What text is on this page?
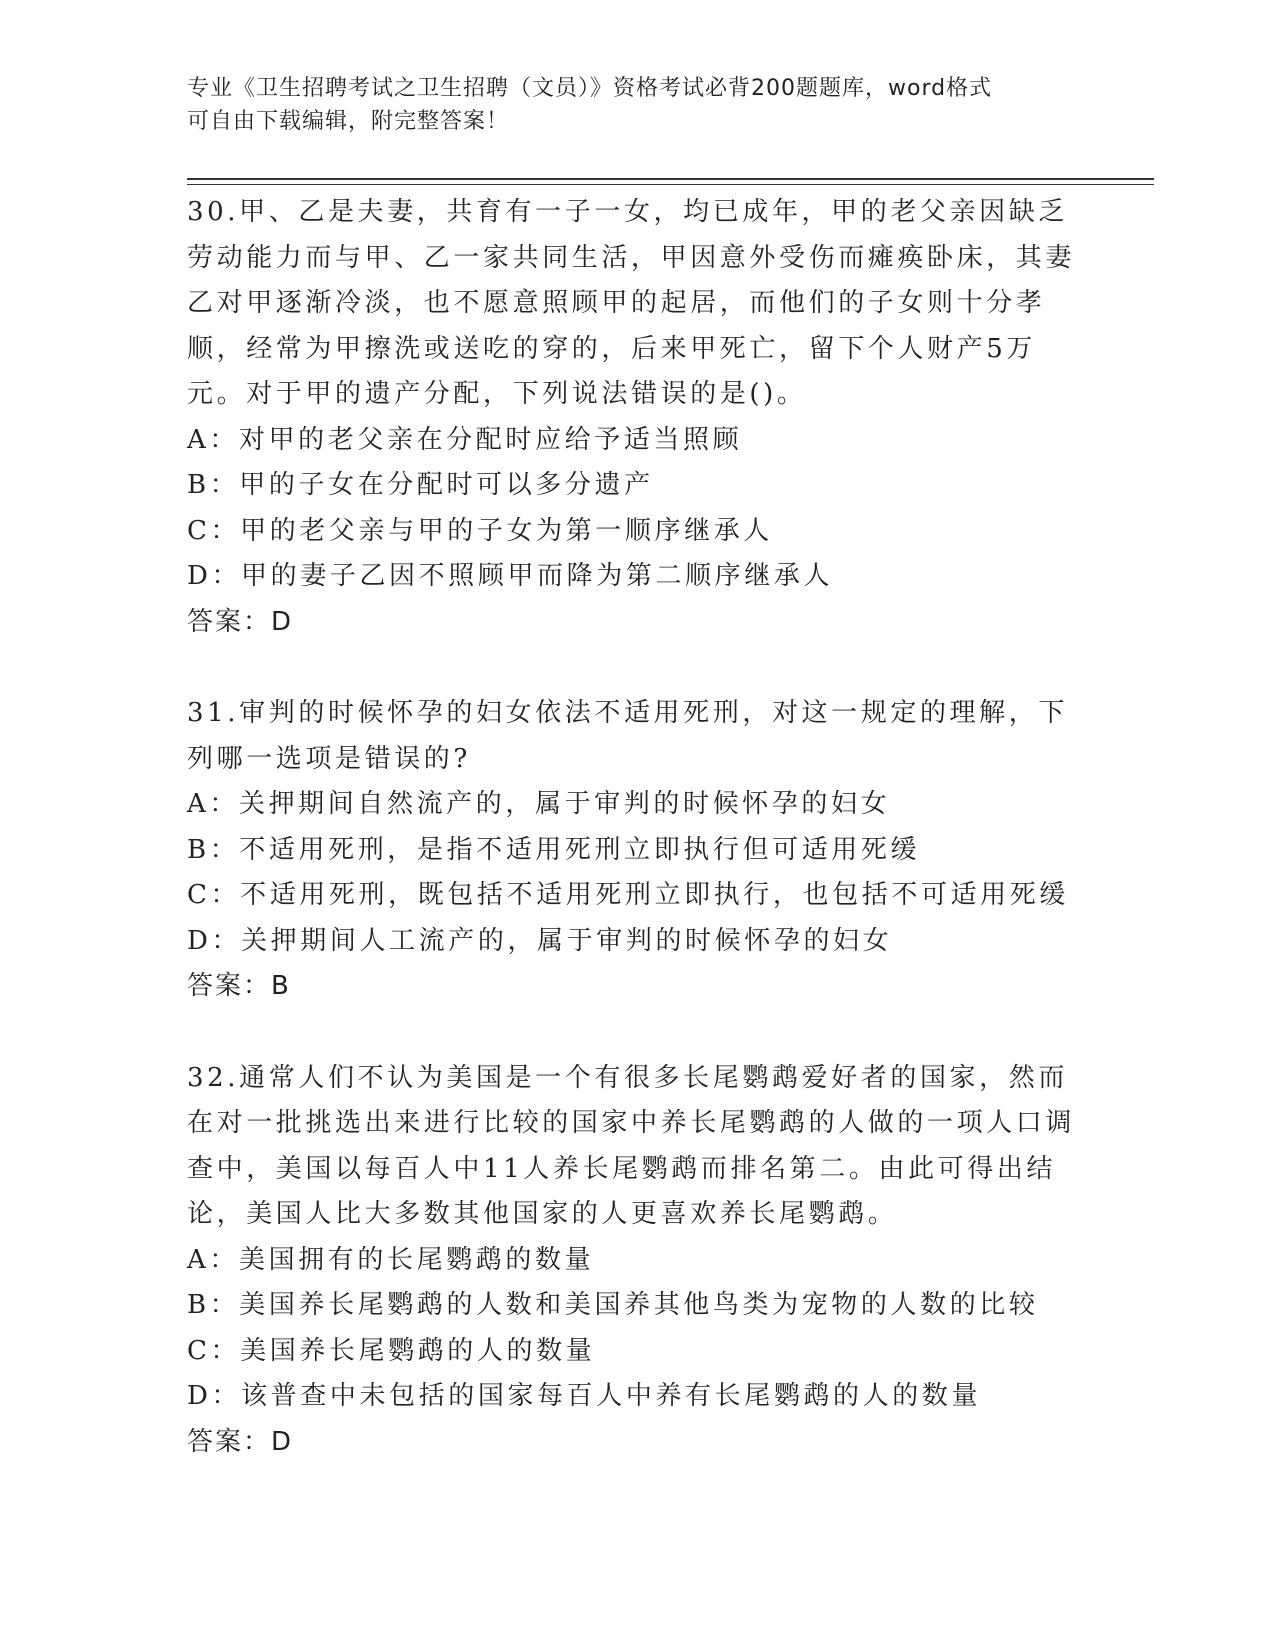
专业《卫生招聘考试之卫生招聘（文员）》资格考试必背200题题库，word格式
可自由下载编辑，附完整答案！

30.甲、乙是夫妻，共育有一子一女，均已成年，甲的老父亲因缺乏劳动能力而与甲、乙一家共同生活，甲因意外受伤而瘫痪卧床，其妻乙对甲逐渐冷淡，也不愿意照顾甲的起居，而他们的子女则十分孝顺，经常为甲擦洗或送吃的穿的，后来甲死亡，留下个人财产5万元。对于甲的遗产分配，下列说法错误的是()。

A：对甲的老父亲在分配时应给予适当照顾

B：甲的子女在分配时可以多分遗产

C：甲的老父亲与甲的子女为第一顺序继承人

D：甲的妻子乙因不照顾甲而降为第二顺序继承人

答案：D

31.审判的时候怀孕的妇女依法不适用死刑，对这一规定的理解，下列哪一选项是错误的?

A：关押期间自然流产的，属于审判的时候怀孕的妇女

B：不适用死刑，是指不适用死刑立即执行但可适用死缓

C：不适用死刑，既包括不适用死刑立即执行，也包括不可适用死缓

D：关押期间人工流产的，属于审判的时候怀孕的妇女

答案：B

32.通常人们不认为美国是一个有很多长尾鹦鹉爱好者的国家，然而在对一批挑选出来进行比较的国家中养长尾鹦鹉的人做的一项人口调查中，美国以每百人中11人养长尾鹦鹉而排名第二。由此可得出结论，美国人比大多数其他国家的人更喜欢养长尾鹦鹉。

A：美国拥有的长尾鹦鹉的数量

B：美国养长尾鹦鹉的人数和美国养其他鸟类为宠物的人数的比较

C：美国养长尾鹦鹉的人的数量

D：该普查中未包括的国家每百人中养有长尾鹦鹉的人的数量

答案：D
